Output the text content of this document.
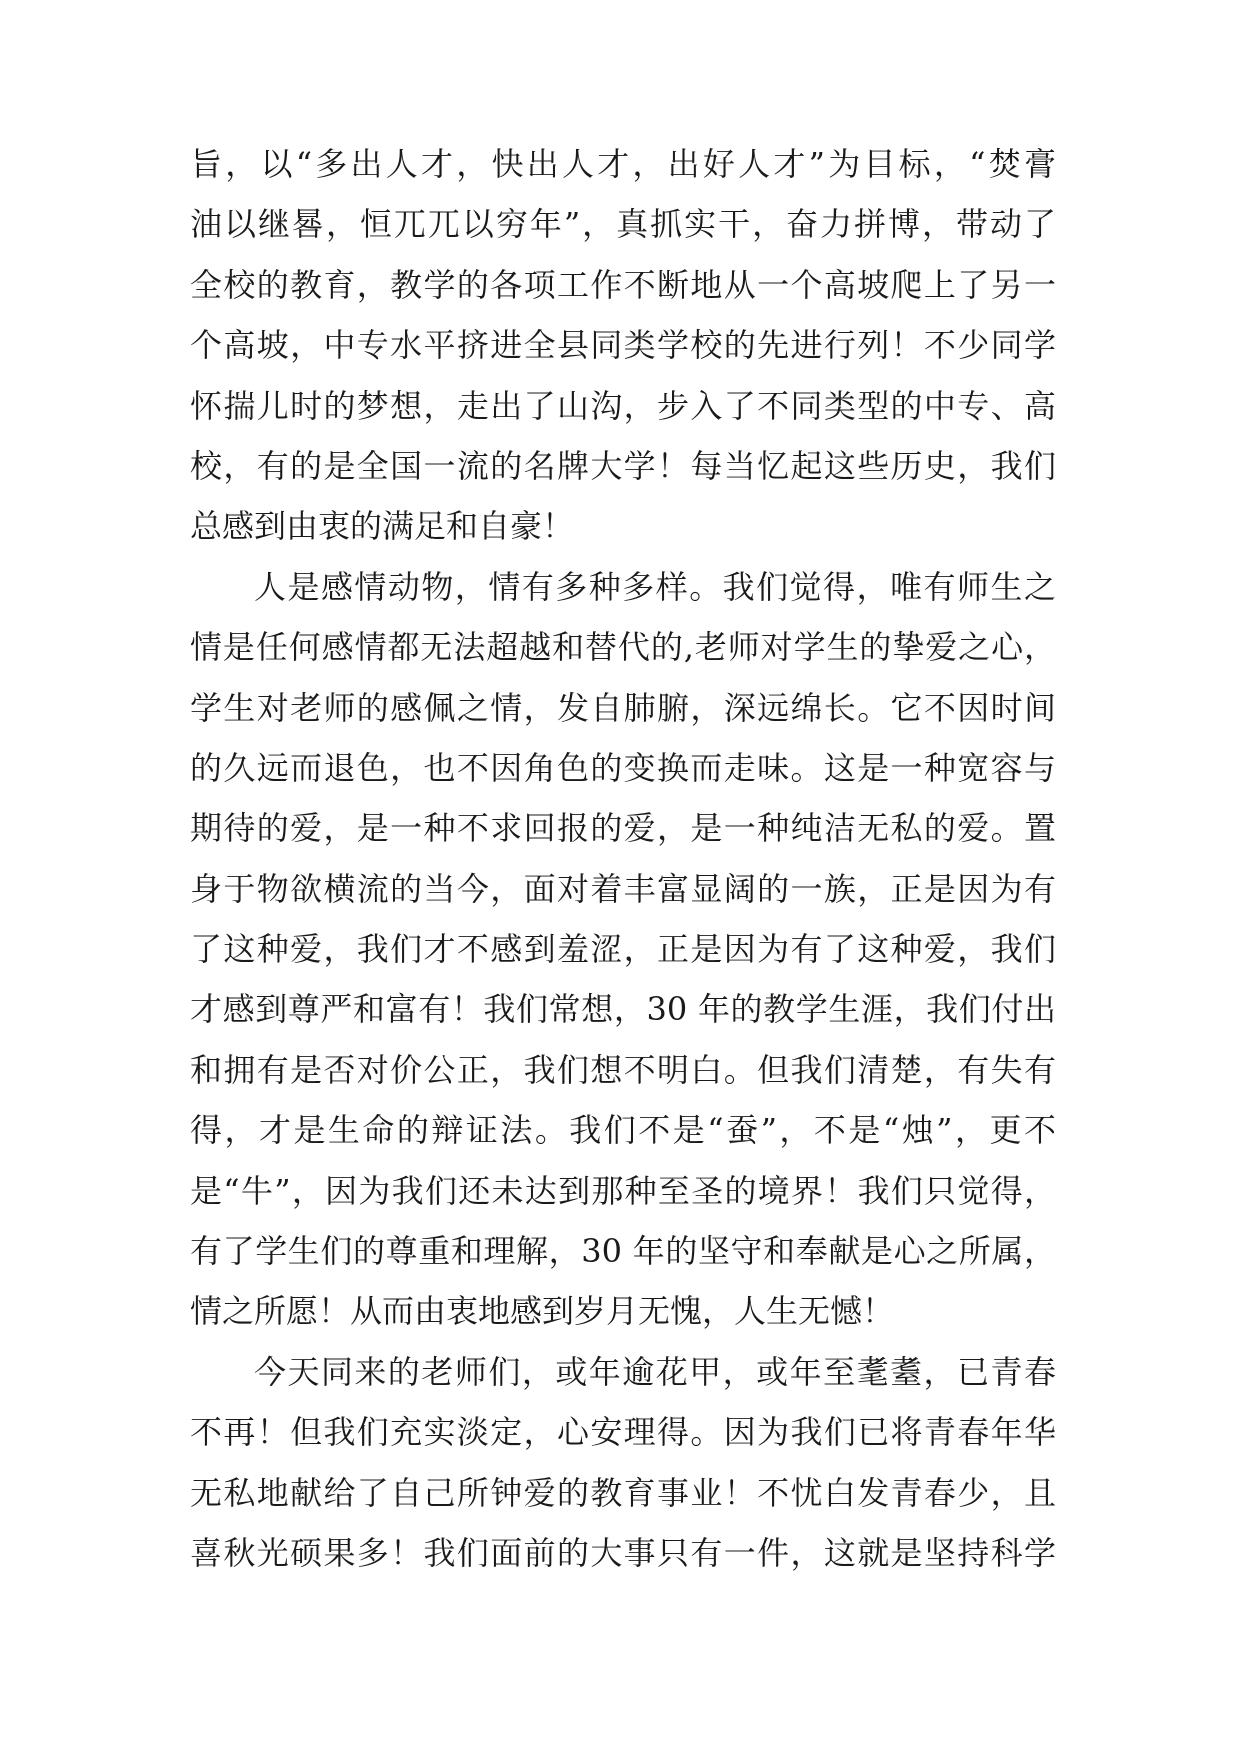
旨，以“多出人才，快出人才，出好人才”为目标，“焚膏
油以继晷，恒兀兀以穷年”，真抓实干，奋力拼博，带动了
全校的教育，教学的各项工作不断地从一个高坡爬上了另一
个高坡，中专水平挤进全县同类学校的先进行列！不少同学
怀揣儿时的梦想，走出了山沟，步入了不同类型的中专、高
校，有的是全国一流的名牌大学！每当忆起这些历史，我们
总感到由衷的满足和自豪！
人是感情动物，情有多种多样。我们觉得，唯有师生之
情是任何感情都无法超越和替代的,老师对学生的挚爱之心，
学生对老师的感佩之情，发自肺腑，深远绵长。它不因时间
的久远而退色，也不因角色的变换而走味。这是一种宽容与
期待的爱，是一种不求回报的爱，是一种纯洁无私的爱。置
身于物欲横流的当今，面对着丰富显阔的一族，正是因为有
了这种爱，我们才不感到羞涩，正是因为有了这种爱，我们
才感到尊严和富有！我们常想，30 年的教学生涯，我们付出
和拥有是否对价公正，我们想不明白。但我们清楚，有失有
得，才是生命的辩证法。我们不是“蚕”，不是“烛”，更不
是“牛”，因为我们还未达到那种至圣的境界！我们只觉得，
有了学生们的尊重和理解，30 年的坚守和奉献是心之所属，
情之所愿！从而由衷地感到岁月无愧，人生无憾！
今天同来的老师们，或年逾花甲，或年至耄耋，已青春
不再！但我们充实淡定，心安理得。因为我们已将青春年华
无私地献给了自己所钟爱的教育事业！不忧白发青春少，且
喜秋光硕果多！我们面前的大事只有一件，这就是坚持科学
